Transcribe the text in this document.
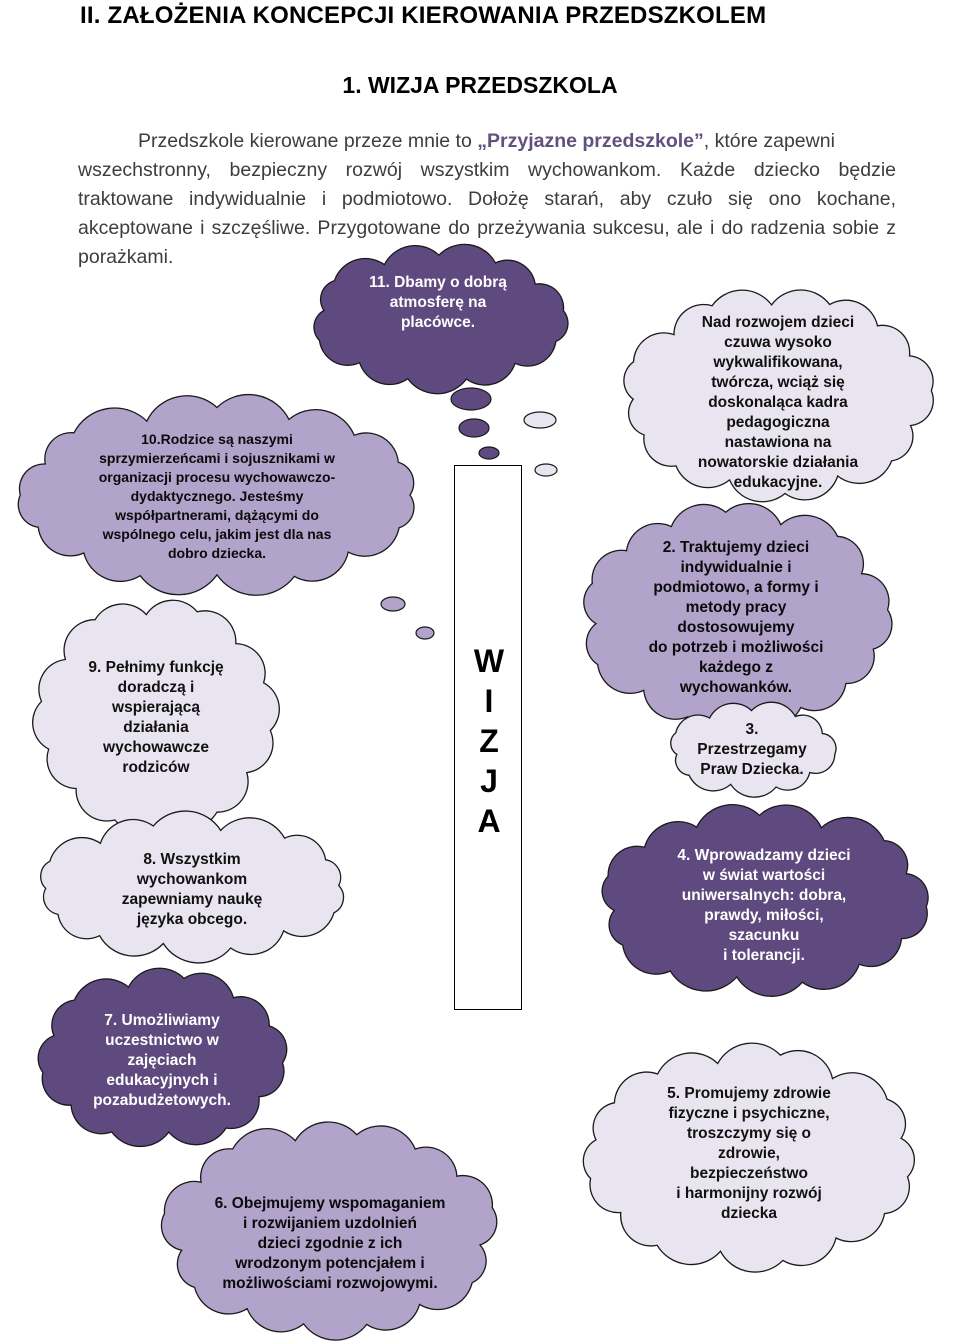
II. ZAŁOŻENIA KONCEPCJI KIEROWANIA PRZEDSZKOLEM
1. WIZJA PRZEDSZKOLA
Przedszkole kierowane przeze mnie to „Przyjazne przedszkole”, które zapewni
wszechstronny, bezpieczny rozwój wszystkim wychowankom. Każde dziecko będzie traktowane indywidualnie i podmiotowo. Dołożę starań, aby czuło się ono kochane, akceptowane i szczęśliwe. Przygotowane do przeżywania sukcesu, ale i do radzenia sobie z porażkami.
W
I
Z
J
A
10.Rodzice są naszymi
sprzymierzeńcami i sojusznikami w
organizacji procesu wychowawczo-
dydaktycznego. Jesteśmy
współpartnerami, dążącymi do
wspólnego celu, jakim jest dla nas
dobro dziecka.
11. Dbamy o dobrą
atmosferę na
placówce.	Nad rozwojem dzieci
czuwa wysoko
wykwalifikowana,
twórcza, wciąż się
doskonaląca kadra
pedagogiczna
nastawiona na
nowatorskie działania
edukacyjne.
2. Traktujemy dzieci
indywidualnie i
podmiotowo, a formy i
metody pracy
dostosowujemy
do potrzeb i możliwości
każdego z
wychowanków.
9. Pełnimy funkcję
doradczą i
wspierającą
działania
wychowawcze
rodziców
3.
Przestrzegamy
Praw Dziecka.
8. Wszystkim
wychowankom
zapewniamy naukę
języka obcego.
4. Wprowadzamy dzieci
w świat wartości
uniwersalnych: dobra,
prawdy, miłości,
szacunku
i tolerancji.
7. Umożliwiamy
uczestnictwo w
zajęciach
edukacyjnych i
pozabudżetowych.	5. Promujemy zdrowie
fizyczne i psychiczne,
troszczymy się o
zdrowie,
bezpieczeństwo
i harmonijny rozwój
dziecka
6. Obejmujemy wspomaganiem
i rozwijaniem uzdolnień
dzieci zgodnie z ich
wrodzonym potencjałem i
możliwościami rozwojowymi.
